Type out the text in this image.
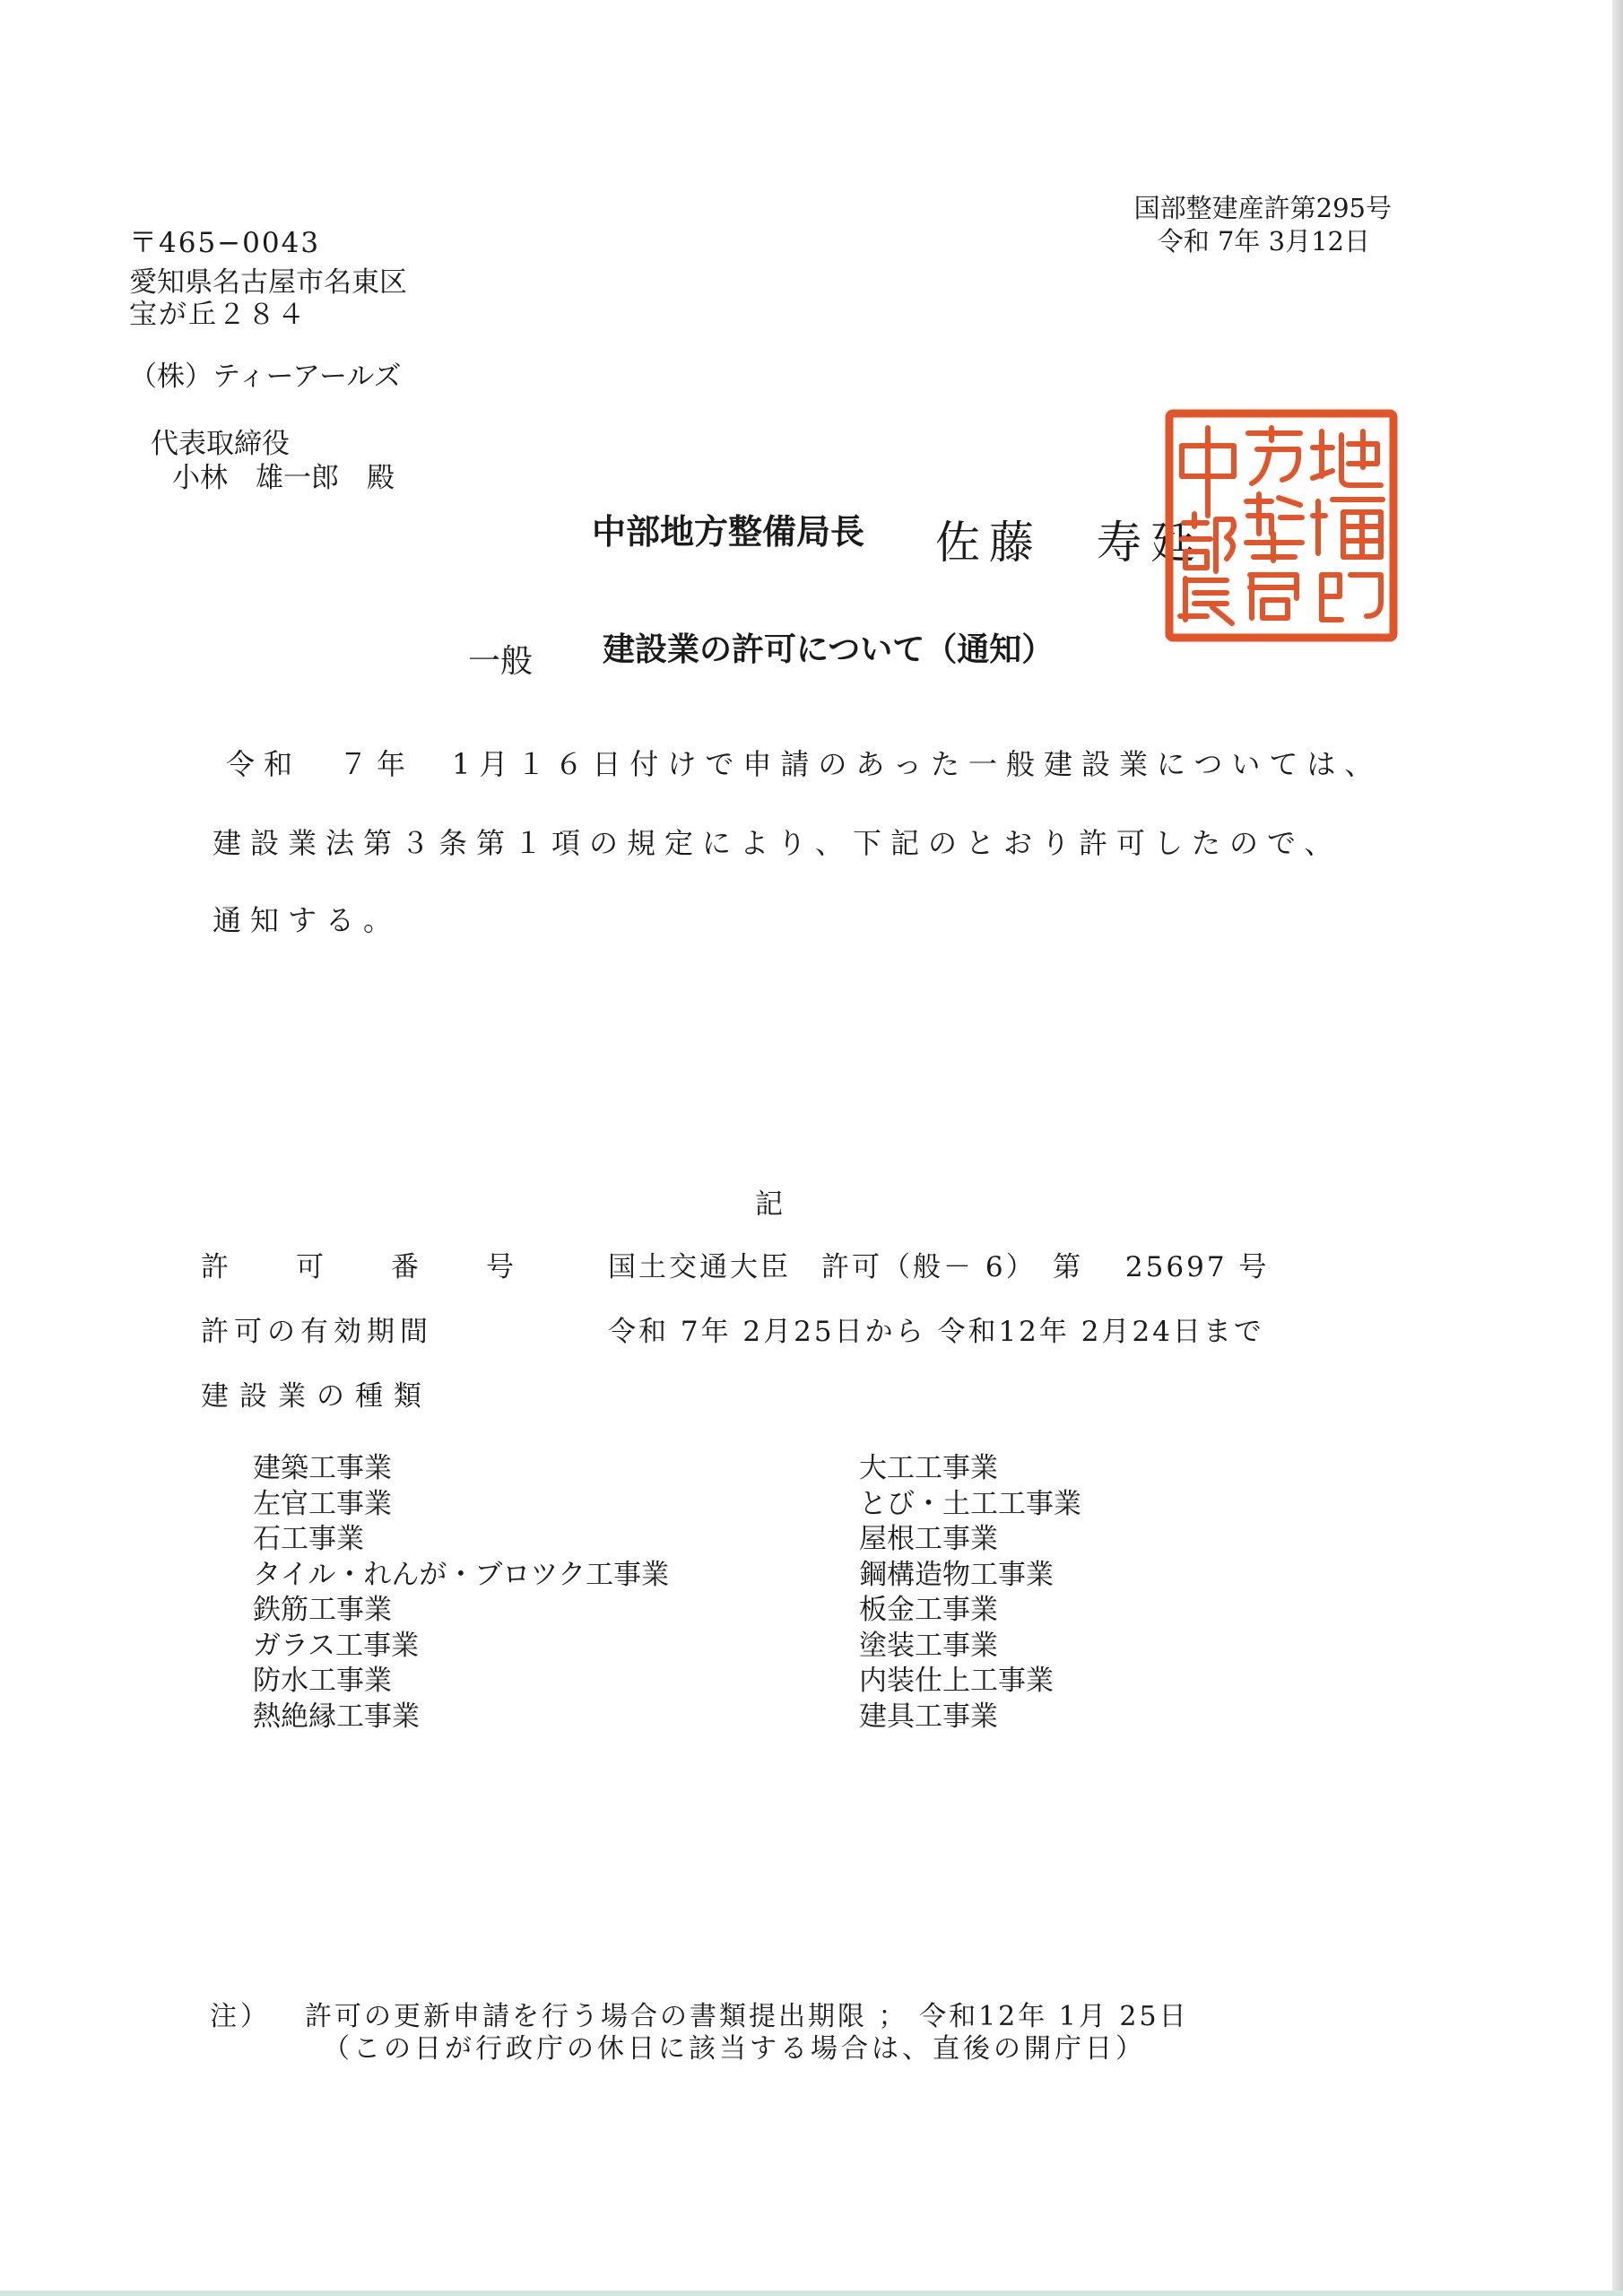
国部整建産許第295号
令和 7年 3月12日
〒465−0043
愛知県名古屋市名東区
宝が丘２８４
（株）ティーアールズ
代表取締役
小林　雄一郎　殿
中部地方整備局長 佐藤　寿延
一般 建設業の許可について（通知）
令和　７年　1月１６日付けで申請のあった一般建設業については、
建設業法第３条第１項の規定により、下記のとおり許可したので、
通知する。
記
許　可　番　号	国土交通大臣　許可（般－ 6）　第　 25697 号
許可の有効期間	令和 7年 2月25日から 令和12年 2月24日まで
建設業の種類
建築工事業
左官工事業
石工事業
タイル・れんが・ブロツク工事業
鉄筋工事業
ガラス工事業
防水工事業
熱絶縁工事業
大工工事業
とび・土工工事業
屋根工事業
鋼構造物工事業
板金工事業
塗装工事業
内装仕上工事業
建具工事業
注） 許可の更新申請を行う場合の書類提出期限 ； 令和12年 1月 25日
（この日が行政庁の休日に該当する場合は、直後の開庁日）
